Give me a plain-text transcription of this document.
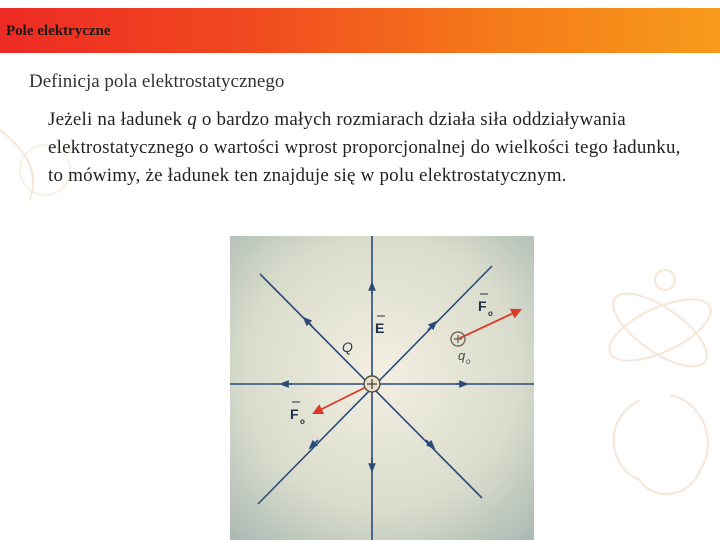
Pole elektryczne
Definicja pola elektrostatycznego
Jeżeli na ładunek q o bardzo małych rozmiarach działa siła oddziaływania elektrostatycznego o wartości wprost proporcjonalnej do wielkości tego ładunku, to mówimy, że ładunek ten znajduje się w polu elektrostatycznym.
E
Q
F o
F o
q o
